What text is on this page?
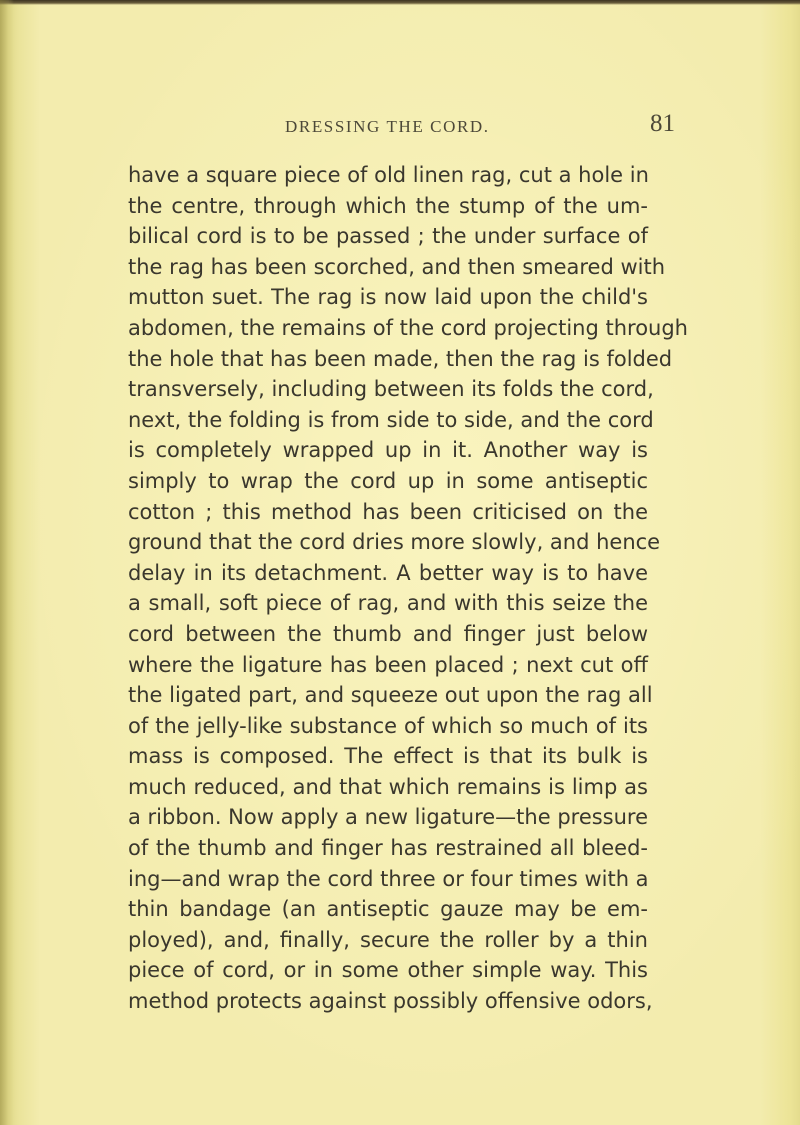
DRESSING THE CORD.	81
have a square piece of old linen rag, cut a hole in
the centre, through which the stump of the um-
bilical cord is to be passed ; the under surface of
the rag has been scorched, and then smeared with
mutton suet. The rag is now laid upon the child's
abdomen, the remains of the cord projecting through
the hole that has been made, then the rag is folded
transversely, including between its folds the cord,
next, the folding is from side to side, and the cord
is completely wrapped up in it. Another way is
simply to wrap the cord up in some antiseptic
cotton ; this method has been criticised on the
ground that the cord dries more slowly, and hence
delay in its detachment. A better way is to have
a small, soft piece of rag, and with this seize the
cord between the thumb and finger just below
where the ligature has been placed ; next cut off
the ligated part, and squeeze out upon the rag all
of the jelly-like substance of which so much of its
mass is composed. The effect is that its bulk is
much reduced, and that which remains is limp as
a ribbon. Now apply a new ligature—the pressure
of the thumb and finger has restrained all bleed-
ing—and wrap the cord three or four times with a
thin bandage (an antiseptic gauze may be em-
ployed), and, finally, secure the roller by a thin
piece of cord, or in some other simple way. This
method protects against possibly offensive odors,
